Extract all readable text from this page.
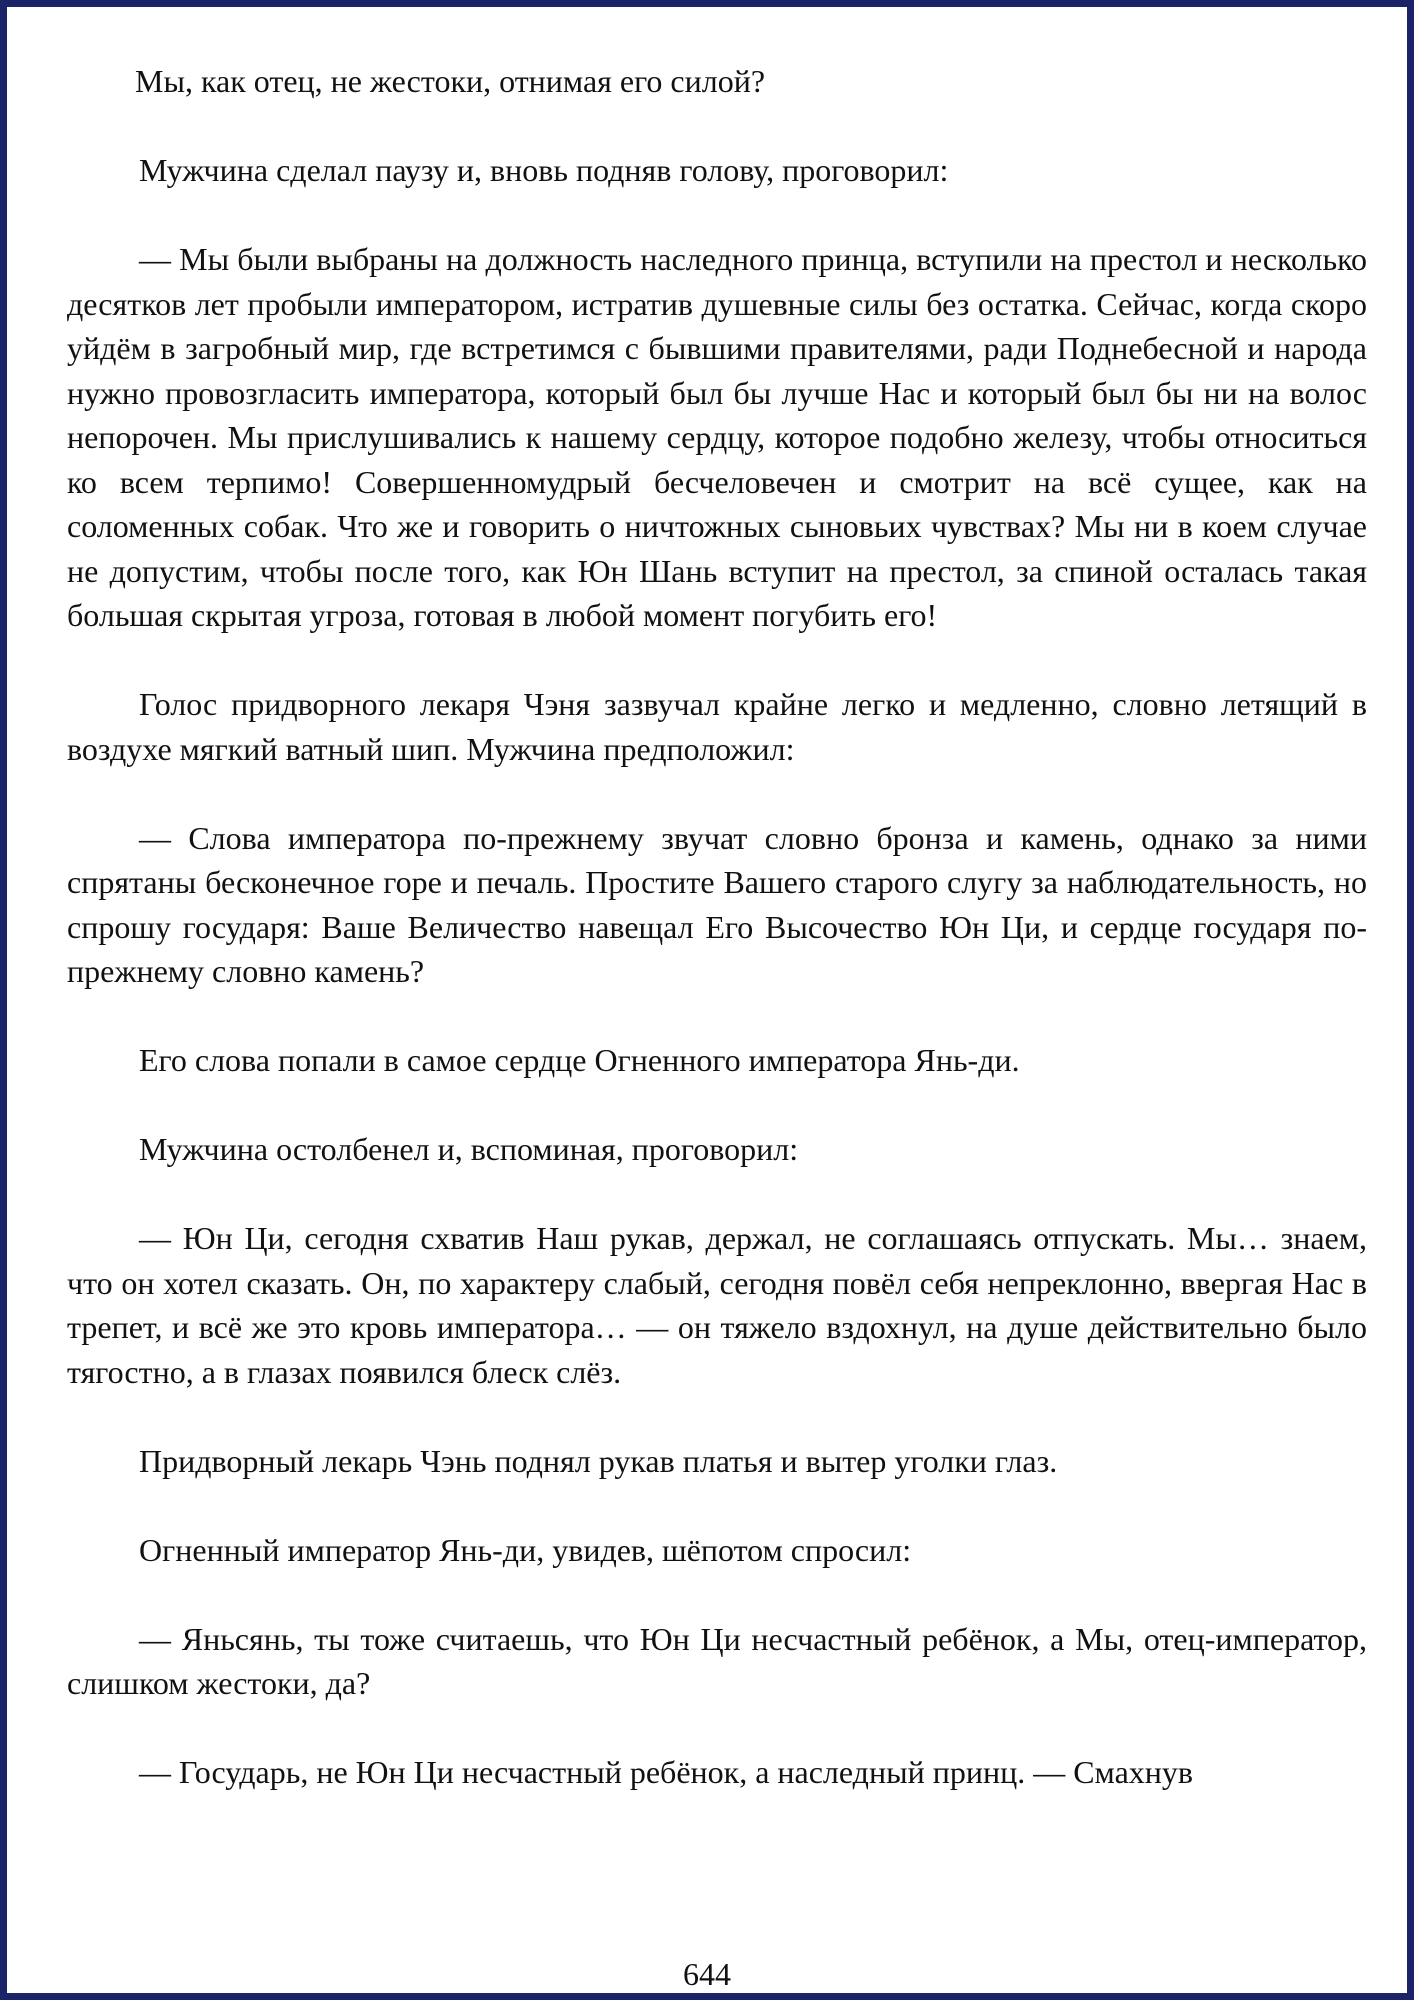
Мы, как отец, не жестоки, отнимая его силой?

Мужчина сделал паузу и, вновь подняв голову, проговорил:

— Мы были выбраны на должность наследного принца, вступили на престол и несколько десятков лет пробыли императором, истратив душевные силы без остатка. Сейчас, когда скоро уйдём в загробный мир, где встретимся с бывшими правителями, ради Поднебесной и народа нужно провозгласить императора, который был бы лучше Нас и который был бы ни на волос непорочен. Мы прислушивались к нашему сердцу, которое подобно железу, чтобы относиться ко всем терпимо! Совершенномудрый бесчеловечен и смотрит на всё сущее, как на соломенных собак. Что же и говорить о ничтожных сыновьих чувствах? Мы ни в коем случае не допустим, чтобы после того, как Юн Шань вступит на престол, за спиной осталась такая большая скрытая угроза, готовая в любой момент погубить его!

Голос придворного лекаря Чэня зазвучал крайне легко и медленно, словно летящий в воздухе мягкий ватный шип. Мужчина предположил:

— Слова императора по-прежнему звучат словно бронза и камень, однако за ними спрятаны бесконечное горе и печаль. Простите Вашего старого слугу за наблюдательность, но спрошу государя: Ваше Величество навещал Его Высочество Юн Ци, и сердце государя по-прежнему словно камень?

Его слова попали в самое сердце Огненного императора Янь-ди.

Мужчина остолбенел и, вспоминая, проговорил:

— Юн Ци, сегодня схватив Наш рукав, держал, не соглашаясь отпускать. Мы… знаем, что он хотел сказать. Он, по характеру слабый, сегодня повёл себя непреклонно, ввергая Нас в трепет, и всё же это кровь императора… — он тяжело вздохнул, на душе действительно было тягостно, а в глазах появился блеск слёз.

Придворный лекарь Чэнь поднял рукав платья и вытер уголки глаз.

Огненный император Янь-ди, увидев, шёпотом спросил:

— Яньсянь, ты тоже считаешь, что Юн Ци несчастный ребёнок, а Мы, отец-император, слишком жестоки, да?

— Государь, не Юн Ци несчастный ребёнок, а наследный принц. — Смахнув

644
